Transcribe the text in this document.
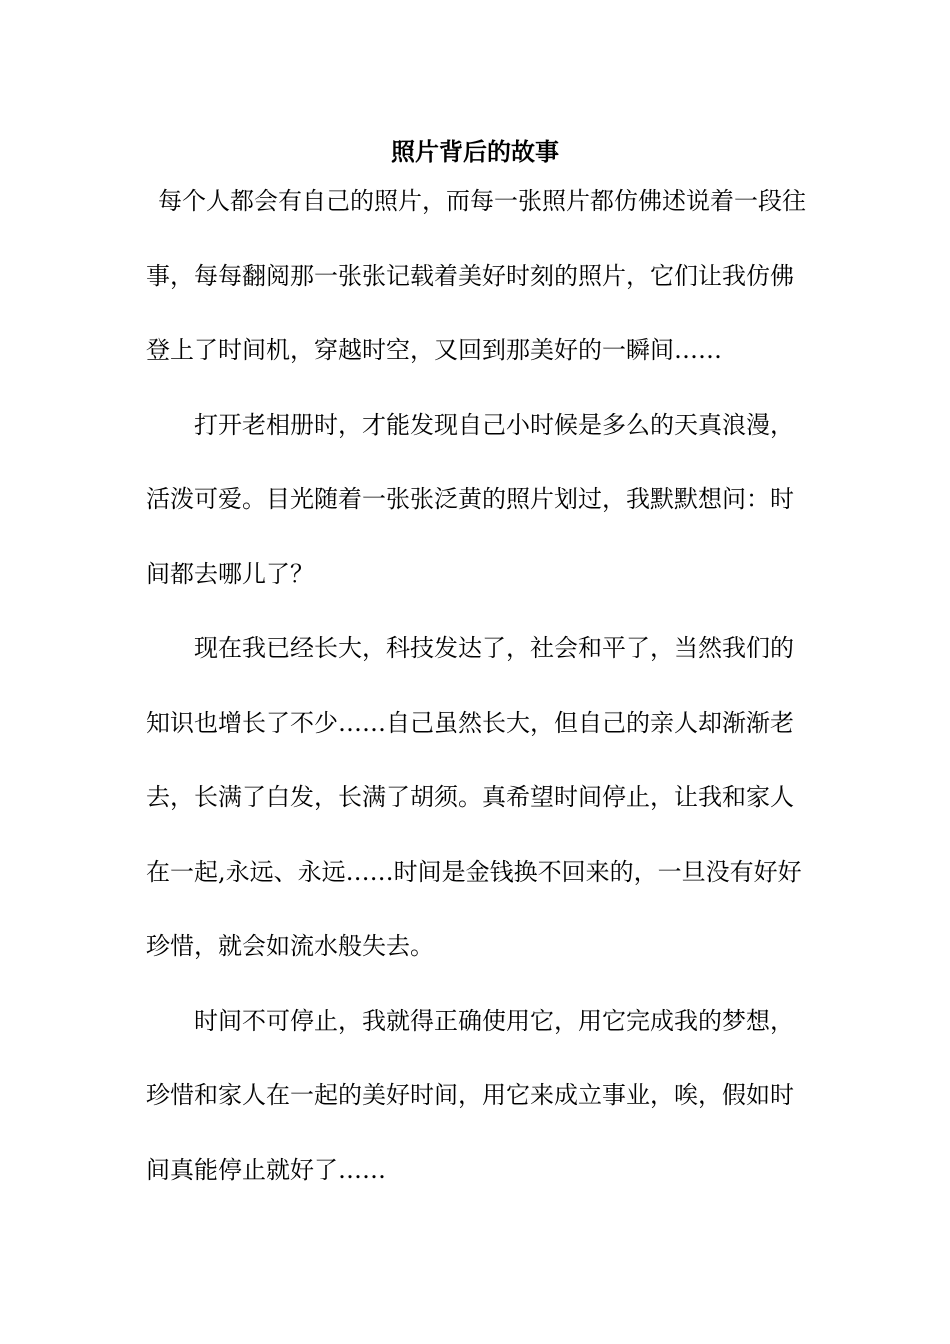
照片背后的故事
每个人都会有自己的照片，而每一张照片都仿佛述说着一段往
事，每每翻阅那一张张记载着美好时刻的照片，它们让我仿佛
登上了时间机，穿越时空，又回到那美好的一瞬间……
打开老相册时，才能发现自己小时候是多么的天真浪漫，
活泼可爱。目光随着一张张泛黄的照片划过，我默默想问：时
间都去哪儿了？
现在我已经长大，科技发达了，社会和平了，当然我们的
知识也增长了不少……自己虽然长大，但自己的亲人却渐渐老
去，长满了白发，长满了胡须。真希望时间停止，让我和家人
在一起,永远、永远……时间是金钱换不回来的，一旦没有好好
珍惜，就会如流水般失去。
时间不可停止，我就得正确使用它，用它完成我的梦想，
珍惜和家人在一起的美好时间，用它来成立事业，唉，假如时
间真能停止就好了……
